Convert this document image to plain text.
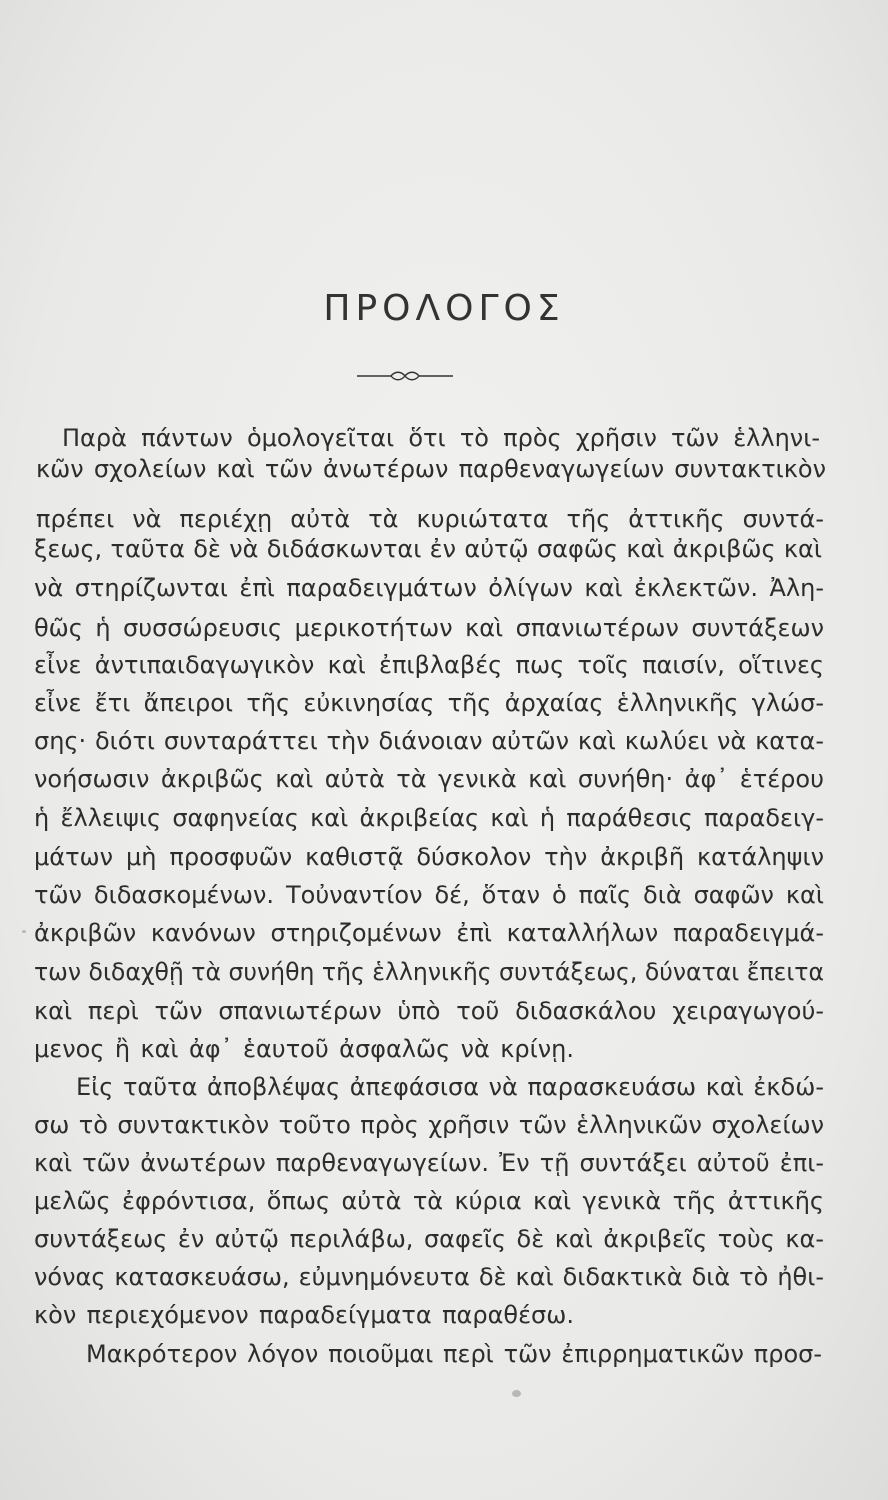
ΠΡΟΛΟΓΟΣ
Παρὰ πάντων ὁμολογεῖται ὅτι τὸ πρὸς χρῆσιν τῶν ἑλληνι-
κῶν σχολείων καὶ τῶν ἀνωτέρων παρθεναγωγείων συντακτικὸν
πρέπει νὰ περιέχῃ αὐτὰ τὰ κυριώτατα τῆς ἀττικῆς συντά-
ξεως, ταῦτα δὲ νὰ διδάσκωνται ἐν αὐτῷ σαφῶς καὶ ἀκριβῶς καὶ
νὰ στηρίζωνται ἐπὶ παραδειγμάτων ὀλίγων καὶ ἐκλεκτῶν. Ἀλη-
θῶς ἡ συσσώρευσις μερικοτήτων καὶ σπανιωτέρων συντάξεων
εἶνε ἀντιπαιδαγωγικὸν καὶ ἐπιβλαβές πως τοῖς παισίν, οἵτινες
εἶνε ἔτι ἄπειροι τῆς εὐκινησίας τῆς ἀρχαίας ἑλληνικῆς γλώσ-
σης· διότι συνταράττει τὴν διάνοιαν αὐτῶν καὶ κωλύει νὰ κατα-
νοήσωσιν ἀκριβῶς καὶ αὐτὰ τὰ γενικὰ καὶ συνήθη· ἀφ᾽ ἑτέρου
ἡ ἔλλειψις σαφηνείας καὶ ἀκριβείας καὶ ἡ παράθεσις παραδειγ-
μάτων μὴ προσφυῶν καθιστᾷ δύσκολον τὴν ἀκριβῆ κατάληψιν
τῶν διδασκομένων. Τοὐναντίον δέ, ὅταν ὁ παῖς διὰ σαφῶν καὶ
ἀκριβῶν κανόνων στηριζομένων ἐπὶ καταλλήλων παραδειγμά-
των διδαχθῇ τὰ συνήθη τῆς ἑλληνικῆς συντάξεως, δύναται ἔπειτα
καὶ περὶ τῶν σπανιωτέρων ὑπὸ τοῦ διδασκάλου χειραγωγού-
μενος ἢ καὶ ἀφ᾽ ἑαυτοῦ ἀσφαλῶς νὰ κρίνῃ.
Εἰς ταῦτα ἀποβλέψας ἀπεφάσισα νὰ παρασκευάσω καὶ ἐκδώ-
σω τὸ συντακτικὸν τοῦτο πρὸς χρῆσιν τῶν ἑλληνικῶν σχολείων
καὶ τῶν ἀνωτέρων παρθεναγωγείων. Ἐν τῇ συντάξει αὐτοῦ ἐπι-
μελῶς ἐφρόντισα, ὅπως αὐτὰ τὰ κύρια καὶ γενικὰ τῆς ἀττικῆς
συντάξεως ἐν αὐτῷ περιλάβω, σαφεῖς δὲ καὶ ἀκριβεῖς τοὺς κα-
νόνας κατασκευάσω, εὐμνημόνευτα δὲ καὶ διδακτικὰ διὰ τὸ ἠθι-
κὸν περιεχόμενον παραδείγματα παραθέσω.
Μακρότερον λόγον ποιοῦμαι περὶ τῶν ἐπιρρηματικῶν προσ-
